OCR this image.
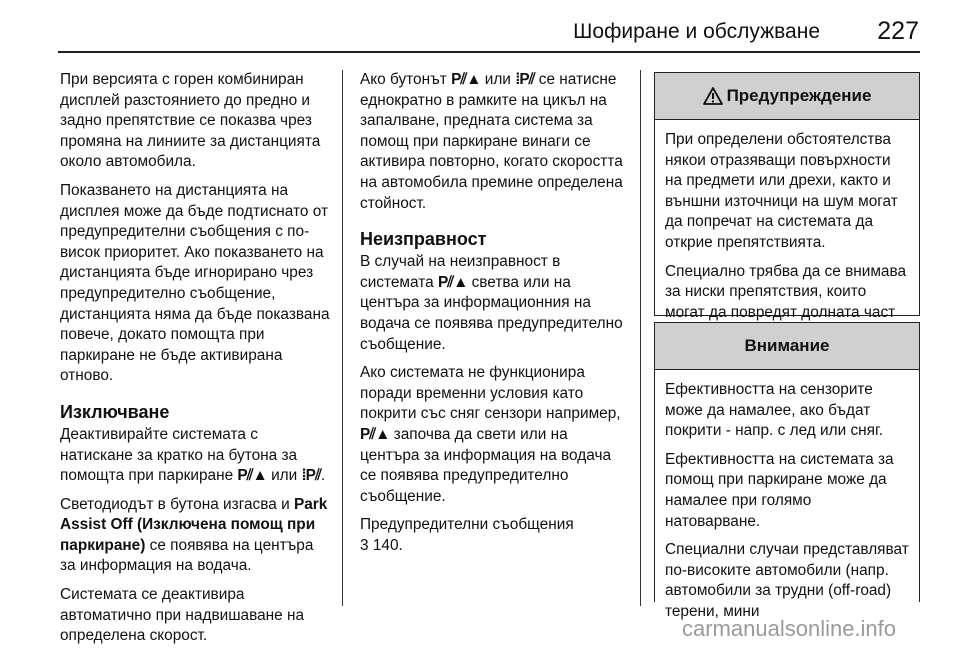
Шофиране и обслужване 227

При версията с горен комбиниран дисплей разстоянието до предно и задно препятствие се показва чрез промяна на линиите за дистанцията около автомобила.

Показването на дистанцията на дисплея може да бъде подтиснато от предупредителни съобщения с по-висок приоритет. Ако показването на дистанцията бъде игнорирано чрез предупредително съобщение, дистанцията няма да бъде показвана повече, докато помощта при паркиране не бъде активирана отново.

Изключване

Деактивирайте системата с натискане за кратко на бутона за помощта при паркиране P⫽▲ или ⁞P⫽.

Светодиодът в бутона изгасва и Park Assist Off (Изключена помощ при паркиране) се появява на центъра за информация на водача.

Системата се деактивира автоматично при надвишаване на определена скорост.

Ако бутонът P⫽▲ или ⁞P⫽ се натисне еднократно в рамките на цикъл на запалване, предната система за помощ при паркиране винаги се активира повторно, когато скоростта на автомобила премине определена стойност.

Неизправност

В случай на неизправност в системата P⫽▲ светва или на центъра за информационния на водача се появява предупредително съобщение.

Ако системата не функционира поради временни условия като покрити със сняг сензори например, P⫽▲ започва да свети или на центъра за информация на водача се появява предупредително съобщение.

Предупредителни съобщения
3 140.

Предупреждение

При определени обстоятелства някои отразяващи повърхности на предмети или дрехи, както и външни източници на шум могат да попречат на системата да открие препятствията.

Специално трябва да се внимава за ниски препятствия, които могат да повредят долната част

Внимание

Ефективността на сензорите може да намалее, ако бъдат покрити - напр. с лед или сняг.

Ефективността на системата за помощ при паркиране може да намалее при голямо натоварване.

Специални случаи представляват по-високите автомобили (напр. автомобили за трудни (off-road) терени, мини

carmanualsonline.info
